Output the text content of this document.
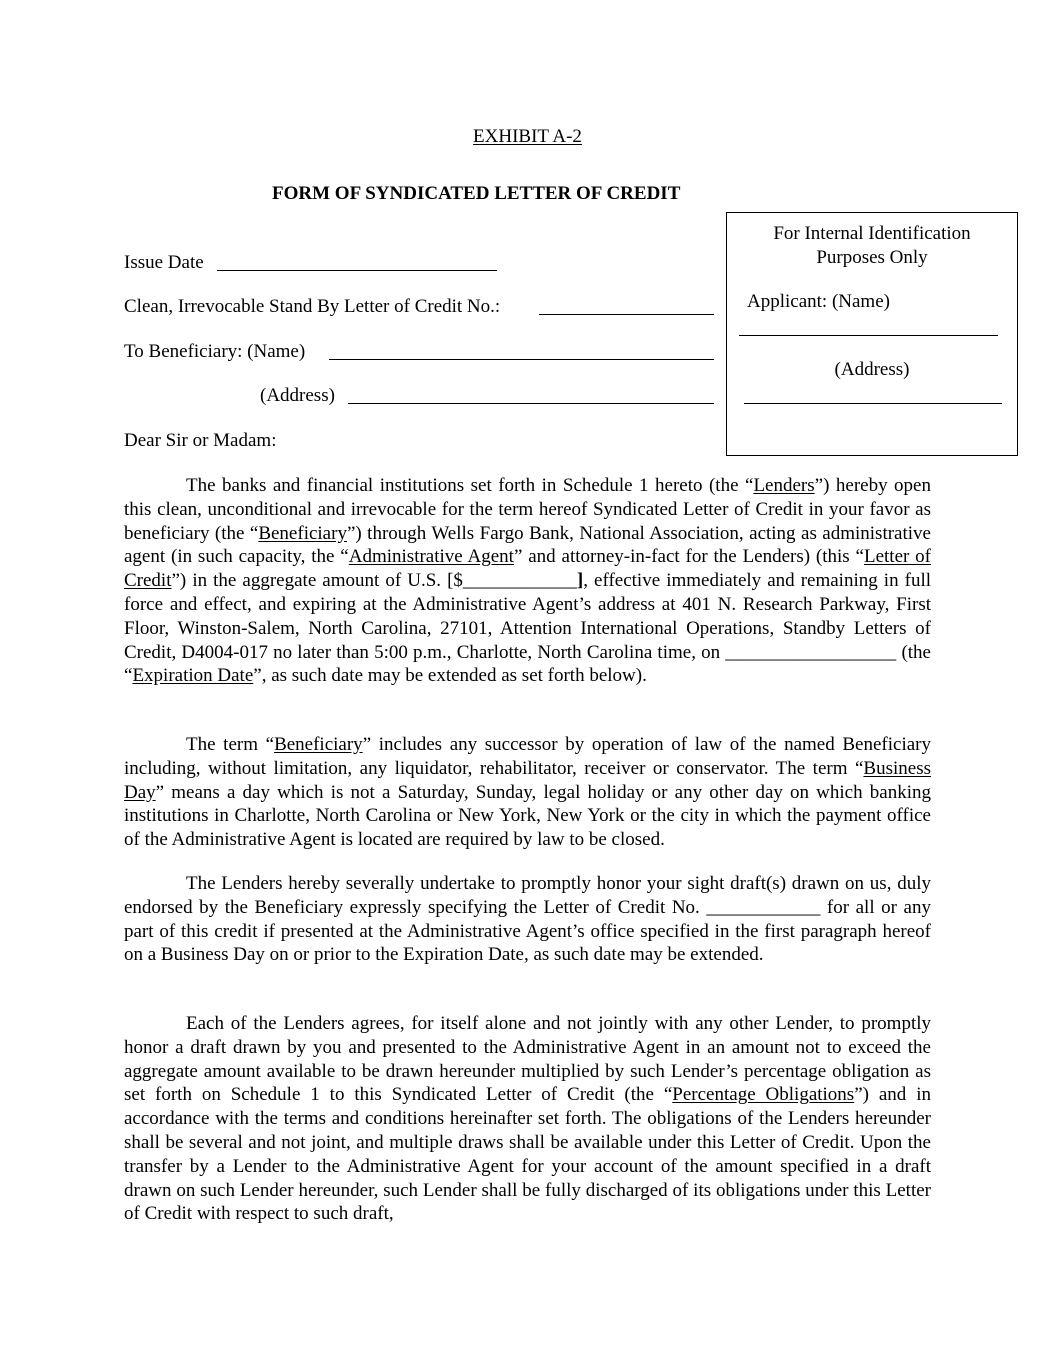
EXHIBIT A-2
FORM OF SYNDICATED LETTER OF CREDIT
For Internal Identification
Purposes Only
Applicant: (Name)
(Address)
Issue Date
Clean, Irrevocable Stand By Letter of Credit No.:
To Beneficiary: (Name)
(Address)
Dear Sir or Madam:

The banks and financial institutions set forth in Schedule 1 hereto (the “Lenders”) hereby open this clean, unconditional and irrevocable for the term hereof Syndicated Letter of Credit in your favor as beneficiary (the “Beneficiary”) through Wells Fargo Bank, National Association, acting as administrative agent (in such capacity, the “Administrative Agent” and attorney-in-fact for the Lenders) (this “Letter of Credit”) in the aggregate amount of U.S. [$____________], effective immediately and remaining in full force and effect, and expiring at the Administrative Agent’s address at 401 N. Research Parkway, First Floor, Winston-Salem, North Carolina, 27101, Attention International Operations, Standby Letters of Credit, D4004-017 no later than 5:00 p.m., Charlotte, North Carolina time, on __________________ (the “Expiration Date”, as such date may be extended as set forth below).

The term “Beneficiary” includes any successor by operation of law of the named Beneficiary including, without limitation, any liquidator, rehabilitator, receiver or conservator. The term “Business Day” means a day which is not a Saturday, Sunday, legal holiday or any other day on which banking institutions in Charlotte, North Carolina or New York, New York or the city in which the payment office of the Administrative Agent is located are required by law to be closed.

The Lenders hereby severally undertake to promptly honor your sight draft(s) drawn on us, duly endorsed by the Beneficiary expressly specifying the Letter of Credit No. ____________ for all or any part of this credit if presented at the Administrative Agent’s office specified in the first paragraph hereof on a Business Day on or prior to the Expiration Date, as such date may be extended.

Each of the Lenders agrees, for itself alone and not jointly with any other Lender, to promptly honor a draft drawn by you and presented to the Administrative Agent in an amount not to exceed the aggregate amount available to be drawn hereunder multiplied by such Lender’s percentage obligation as set forth on Schedule 1 to this Syndicated Letter of Credit (the “Percentage Obligations”) and in accordance with the terms and conditions hereinafter set forth. The obligations of the Lenders hereunder shall be several and not joint, and multiple draws shall be available under this Letter of Credit. Upon the transfer by a Lender to the Administrative Agent for your account of the amount specified in a draft drawn on such Lender hereunder, such Lender shall be fully discharged of its obligations under this Letter of Credit with respect to such draft,
